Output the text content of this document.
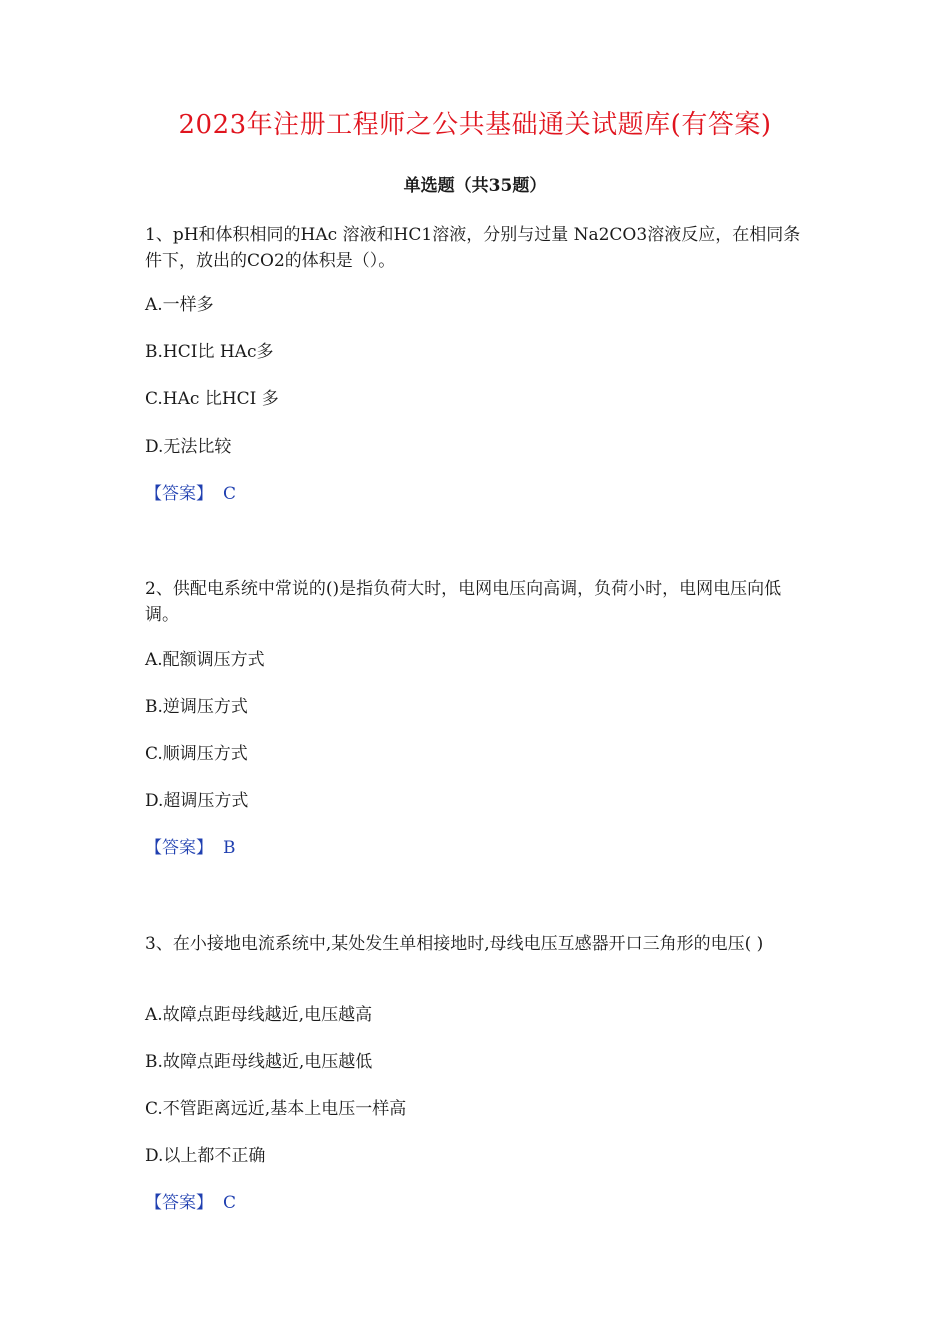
2023年注册工程师之公共基础通关试题库(有答案)
单选题（共35题）

1、pH和体积相同的HAc 溶液和HC1溶液，分别与过量 Na2CO3溶液反应，在相同条件下，放出的CO2的体积是（）。

A.一样多
B.HCI比 HAc多
C.HAc 比HCI 多
D.无法比较
【答案】 C

2、供配电系统中常说的()是指负荷大时，电网电压向高调，负荷小时，电网电压向低调。

A.配额调压方式
B.逆调压方式
C.顺调压方式
D.超调压方式
【答案】 B

3、在小接地电流系统中,某处发生单相接地时,母线电压互感器开口三角形的电压( )

A.故障点距母线越近,电压越高
B.故障点距母线越近,电压越低
C.不管距离远近,基本上电压一样高
D.以上都不正确
【答案】 C
